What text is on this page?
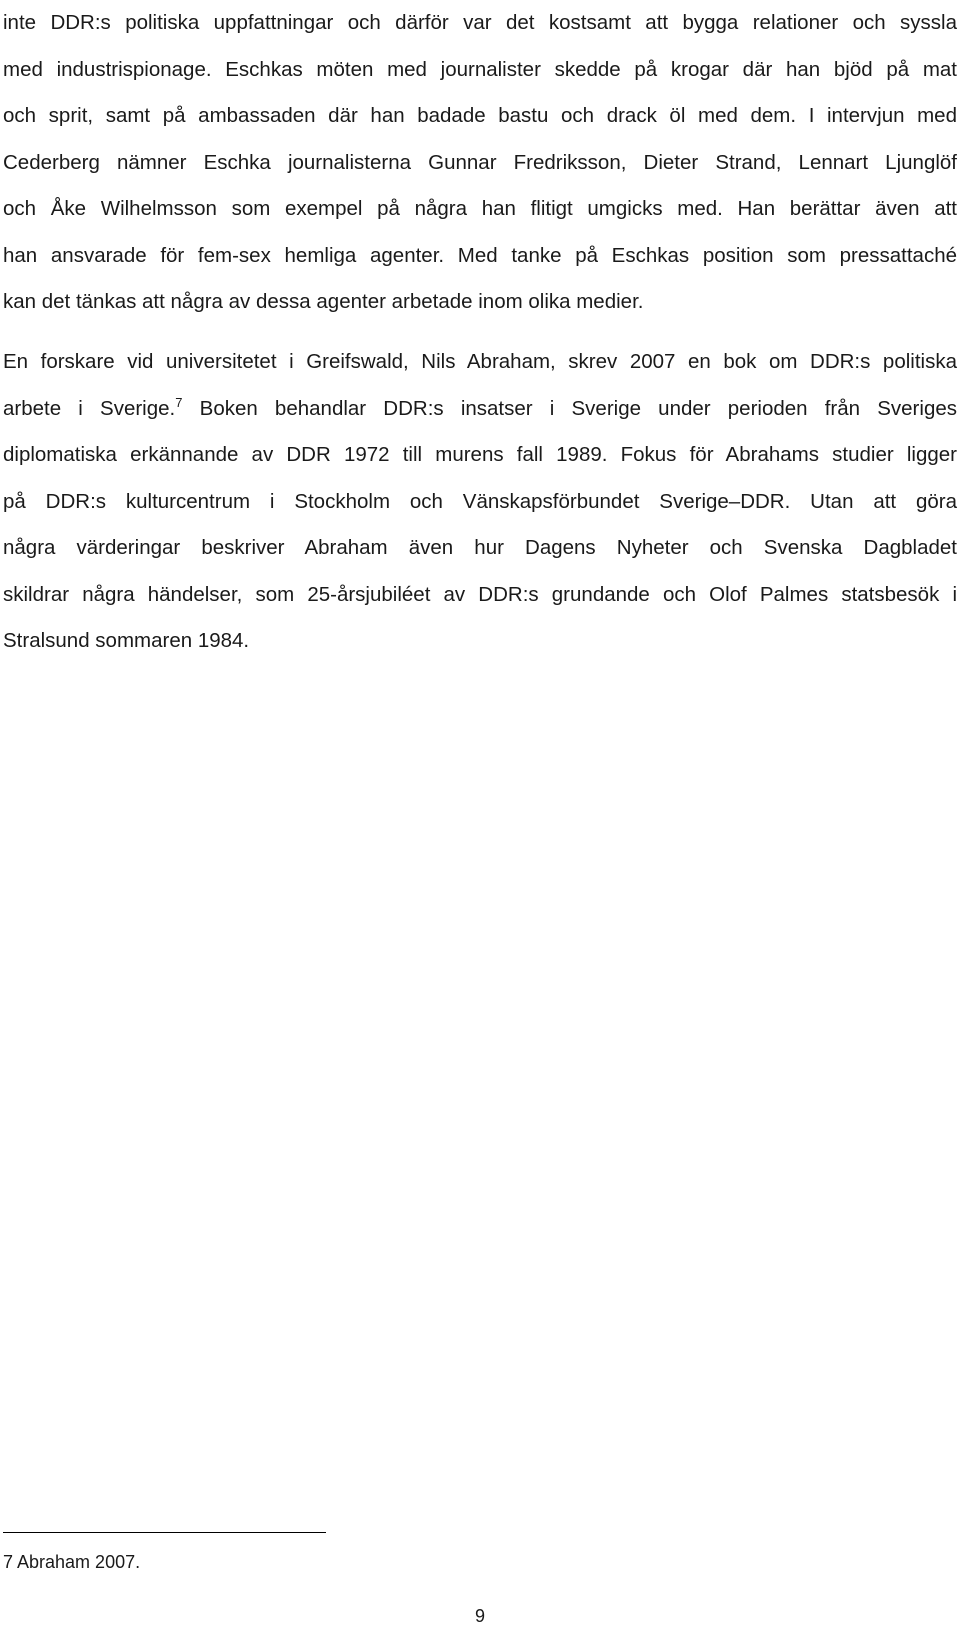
inte DDR:s politiska uppfattningar och därför var det kostsamt att bygga relationer och syssla
med industrispionage. Eschkas möten med journalister skedde på krogar där han bjöd på mat
och sprit, samt på ambassaden där han badade bastu och drack öl med dem. I intervjun med
Cederberg nämner Eschka journalisterna Gunnar Fredriksson, Dieter Strand, Lennart Ljunglöf
och Åke Wilhelmsson som exempel på några han flitigt umgicks med. Han berättar även att
han ansvarade för fem-sex hemliga agenter. Med tanke på Eschkas position som pressattaché
kan det tänkas att några av dessa agenter arbetade inom olika medier.
En forskare vid universitetet i Greifswald, Nils Abraham, skrev 2007 en bok om DDR:s politiska
arbete i Sverige.$^7$ Boken behandlar DDR:s insatser i Sverige under perioden från Sveriges
diplomatiska erkännande av DDR 1972 till murens fall 1989. Fokus för Abrahams studier ligger
på DDR:s kulturcentrum i Stockholm och Vänskapsförbundet Sverige–DDR. Utan att göra
några värderingar beskriver Abraham även hur Dagens Nyheter och Svenska Dagbladet
skildrar några händelser, som 25-årsjubiléet av DDR:s grundande och Olof Palmes statsbesök i
Stralsund sommaren 1984.
7 Abraham 2007.
9
